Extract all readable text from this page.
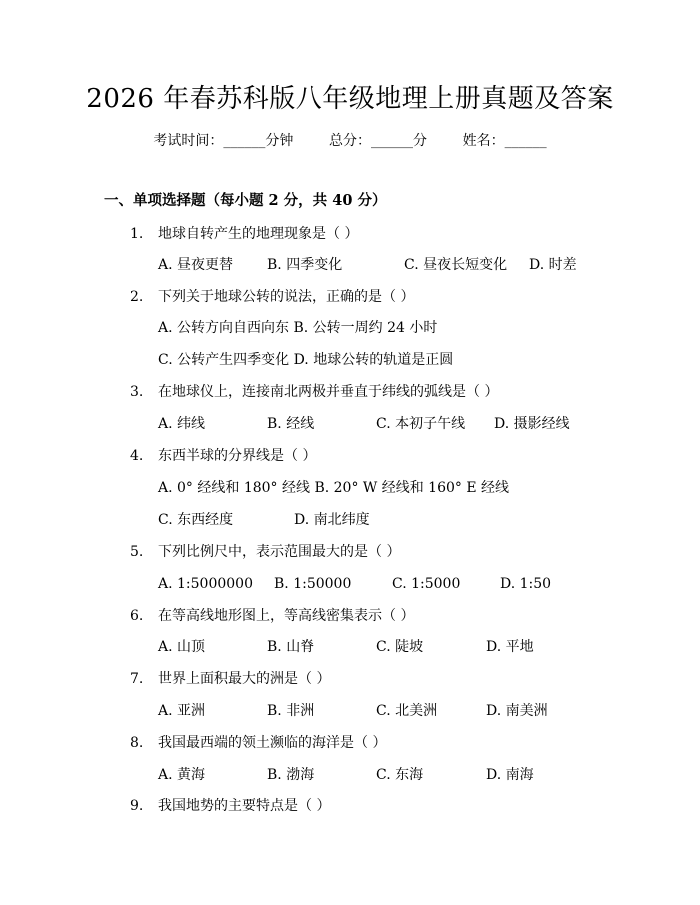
2026 年春苏科版八年级地理上册真题及答案
考试时间：______分钟	总分：______分	姓名：______
一、单项选择题（每小题 2 分，共 40 分）
1. 地球自转产生的地理现象是（ ）
A. 昼夜更替 B. 四季变化	C. 昼夜长短变化 D. 时差
2. 下列关于地球公转的说法，正确的是（ ）
A. 公转方向自西向东 B. 公转一周约 24 小时
C. 公转产生四季变化 D. 地球公转的轨道是正圆
3. 在地球仪上，连接南北两极并垂直于纬线的弧线是（ ）
A. 纬线	B. 经线	C. 本初子午线 D. 摄影经线
4. 东西半球的分界线是（ ）
A. 0° 经线和 180° 经线 B. 20° W 经线和 160° E 经线
C. 东西经度	D. 南北纬度
5. 下列比例尺中，表示范围最大的是（ ）
A. 1:5000000 B. 1:50000	C. 1:5000	D. 1:50
6. 在等高线地形图上，等高线密集表示（ ）
A. 山顶	B. 山脊	C. 陡坡	D. 平地
7. 世界上面积最大的洲是（ ）
A. 亚洲	B. 非洲	C. 北美洲	D. 南美洲
8. 我国最西端的领土濒临的海洋是（ ）
A. 黄海	B. 渤海	C. 东海	D. 南海
9. 我国地势的主要特点是（ ）
